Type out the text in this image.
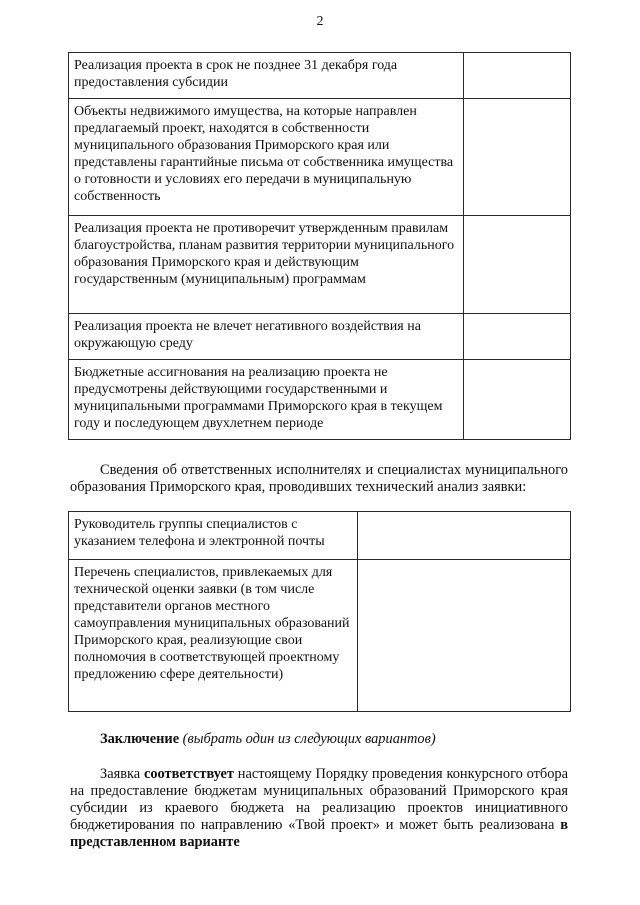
2
Реализация проекта в срок не позднее 31 декабря года предоставления субсидии	
Объекты недвижимого имущества, на которые направлен предлагаемый проект, находятся в собственности муниципального образования Приморского края или представлены гарантийные письма от собственника имущества о готовности и условиях его передачи в муниципальную собственность	
Реализация проекта не противоречит утвержденным правилам благоустройства, планам развития территории муниципального образования Приморского края и действующим государственным (муниципальным) программам	
Реализация проекта не влечет негативного воздействия на окружающую среду	
Бюджетные ассигнования на реализацию проекта не предусмотрены действующими государственными и муниципальными программами Приморского края в текущем году и последующем двухлетнем периоде	
Сведения об ответственных исполнителях и специалистах муниципального образования Приморского края, проводивших технический анализ заявки:
Руководитель группы специалистов с указанием телефона и электронной почты	
Перечень специалистов, привлекаемых для технической оценки заявки (в том числе представители органов местного самоуправления муниципальных образований Приморского края, реализующие свои полномочия в соответствующей проектному предложению сфере деятельности)	
Заключение (выбрать один из следующих вариантов)
Заявка соответствует настоящему Порядку проведения конкурсного отбора на предоставление бюджетам муниципальных образований Приморского края субсидии из краевого бюджета на реализацию проектов инициативного бюджетирования по направлению «Твой проект» и может быть реализована в представленном варианте
